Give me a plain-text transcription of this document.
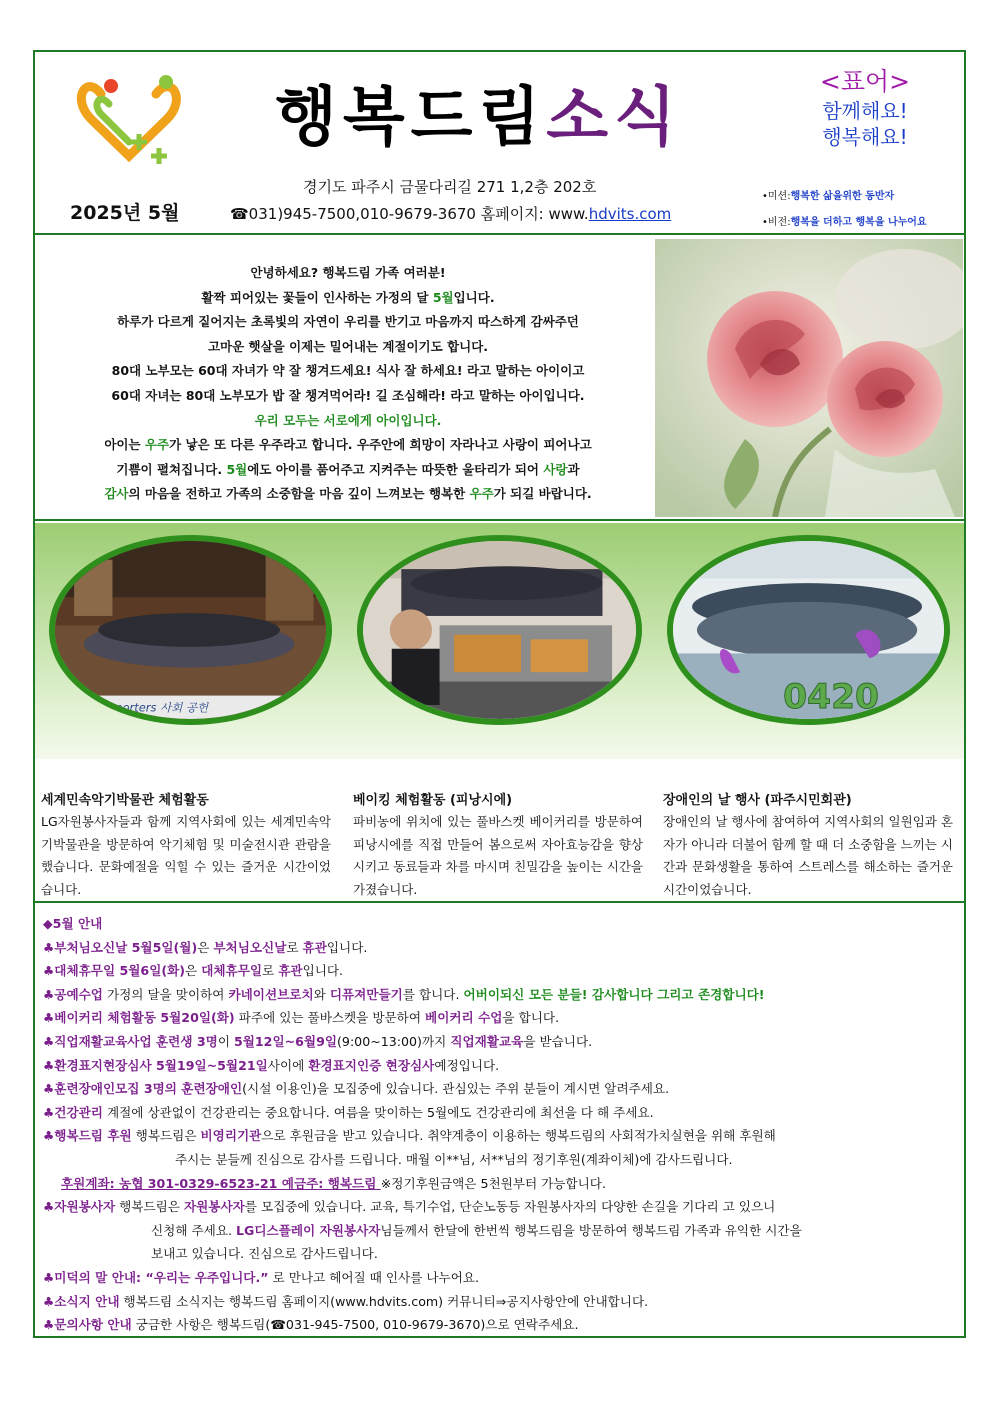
행복드림소식	<표어>
함께해요!
행복해요!
2025년 5월
경기도 파주시 금물다리길 271 1,2층 202호
☎031)945-7500,010-9679-3670 홈페이지: www.hdvits.com
•미션:행복한 삶을위한 동반자
•비전:행복을 더하고 행복을 나누어요
안녕하세요? 행복드림 가족 여러분!
활짝 피어있는 꽃들이 인사하는 가정의 달 5월입니다.
하루가 다르게 짙어지는 초록빛의 자연이 우리를 반기고 마음까지 따스하게 감싸주던
고마운 햇살을 이제는 밀어내는 계절이기도 합니다.
80대 노부모는 60대 자녀가 약 잘 챙겨드세요! 식사 잘 하세요! 라고 말하는 아이이고
60대 자녀는 80대 노부모가 밥 잘 챙겨먹어라! 길 조심해라! 라고 말하는 아이입니다.
우리 모두는 서로에게 아이입니다.
아이는 우주가 낳은 또 다른 우주라고 합니다. 우주안에 희망이 자라나고 사랑이 피어나고
기쁨이 펼쳐집니다. 5월에도 아이를 품어주고 지켜주는 따뜻한 울타리가 되어 사랑과
감사의 마음을 전하고 가족의 소중함을 마음 깊이 느껴보는 행복한 우주가 되길 바랍니다.
Supporters 사회 공헌	0420
세계민속악기박물관 체험활동

LG자원봉사자들과 함께 지역사회에 있는 세계민속악기박물관을 방문하여 악기체험 및 미술전시관 관람을 했습니다. 문화예절을 익힐 수 있는 즐거운 시간이었습니다.

베이킹 체험활동 (피낭시에)

파비농에 위치에 있는 풀바스켓 베이커리를 방문하여 피낭시에를 직접 만들어 봄으로써 자아효능감을 향상시키고 동료들과 차를 마시며 친밀감을 높이는 시간을 가졌습니다.

장애인의 날 행사 (파주시민회관)

장애인의 날 행사에 참여하여 지역사회의 일원임과 혼자가 아니라 더불어 함께 할 때 더 소중함을 느끼는 시간과 문화생활을 통하여 스트레스를 해소하는 즐거운 시간이었습니다.

◆5월 안내
♣부처님오신날 5월5일(월)은 부처님오신날로 휴관입니다.
♣대체휴무일 5월6일(화)은 대체휴무일로 휴관입니다.
♣공예수업 가정의 달을 맞이하여 카네이션브로치와 디퓨져만들기를 합니다. 어버이되신 모든 분들! 감사합니다 그리고 존경합니다!
♣베이커리 체험활동 5월20일(화) 파주에 있는 풀바스켓을 방문하여 베이커리 수업을 합니다.
♣직업재활교육사업 훈련생 3명이 5월12일~6월9일(9:00~13:00)까지 직업재활교육을 받습니다.
♣환경표지현장심사 5월19일~5월21일사이에 환경표지인증 현장심사예정입니다.
♣훈련장애인모집 3명의 훈련장애인(시설 이용인)을 모집중에 있습니다. 관심있는 주위 분들이 계시면 알려주세요.
♣건강관리 계절에 상관없이 건강관리는 중요합니다. 여름을 맞이하는 5월에도 건강관리에 최선을 다 해 주세요.
♣행복드림 후원 행복드림은 비영리기관으로 후원금을 받고 있습니다. 취약계층이 이용하는 행복드림의 사회적가치실현을 위해 후원해
주시는 분들께 진심으로 감사를 드립니다. 매월 이**님, 서**님의 정기후원(계좌이체)에 감사드립니다.
후원계좌: 농협 301-0329-6523-21 예금주: 행복드림 ※정기후원금액은 5천원부터 가능합니다.
♣자원봉사자 행복드림은 자원봉사자를 모집중에 있습니다. 교육, 특기수업, 단순노동등 자원봉사자의 다양한 손길을 기다리 고 있으니
신청해 주세요. LG디스플레이 자원봉사자님들께서 한달에 한번씩 행복드림을 방문하여 행복드림 가족과 유익한 시간을
보내고 있습니다. 진심으로 감사드립니다.
♣미덕의 말 안내: “우리는 우주입니다.” 로 만나고 헤어질 때 인사를 나누어요.
♣소식지 안내 행복드림 소식지는 행복드림 홈페이지(www.hdvits.com) 커뮤니티⇒공지사항안에 안내합니다.
♣문의사항 안내 궁금한 사항은 행복드림(☎031-945-7500, 010-9679-3670)으로 연락주세요.
